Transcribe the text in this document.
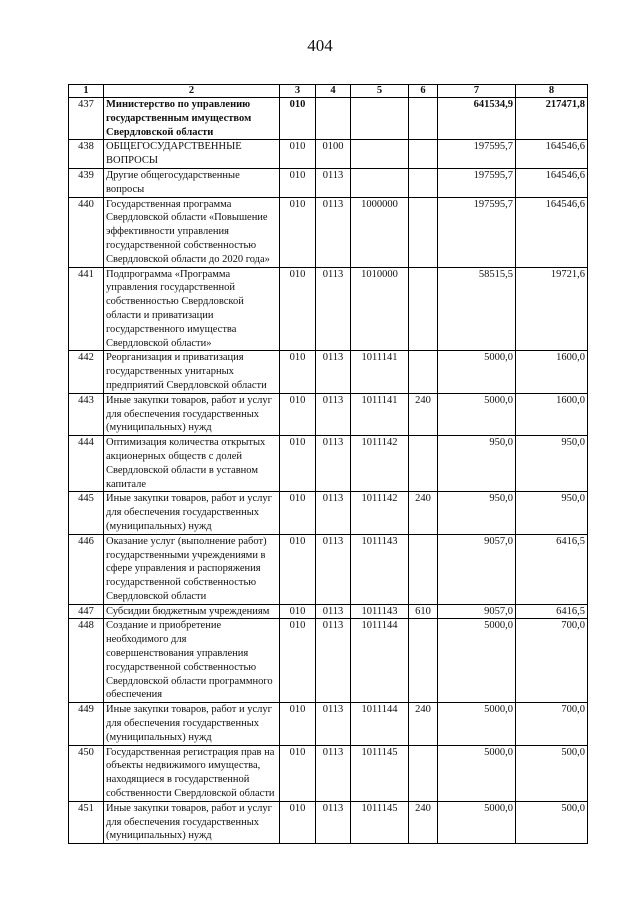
404
1	2	3	4	5	6	7	8
437	Министерство по управлению государственным имуществом Свердловской области	010				641534,9	217471,8
438	ОБЩЕГОСУДАРСТВЕННЫЕ ВОПРОСЫ	010	0100			197595,7	164546,6
439	Другие общегосударственные вопросы	010	0113			197595,7	164546,6
440	Государственная программа Свердловской области «Повышение эффективности управления государственной собственностью Свердловской области до 2020 года»	010	0113	1000000		197595,7	164546,6
441	Подпрограмма «Программа управления государственной собственностью Свердловской области и приватизации государственного имущества Свердловской области»	010	0113	1010000		58515,5	19721,6
442	Реорганизация и приватизация государственных унитарных предприятий Свердловской области	010	0113	1011141		5000,0	1600,0
443	Иные закупки товаров, работ и услуг для обеспечения государственных (муниципальных) нужд	010	0113	1011141	240	5000,0	1600,0
444	Оптимизация количества открытых акционерных обществ с долей Свердловской области в уставном капитале	010	0113	1011142		950,0	950,0
445	Иные закупки товаров, работ и услуг для обеспечения государственных (муниципальных) нужд	010	0113	1011142	240	950,0	950,0
446	Оказание услуг (выполнение работ) государственными учреждениями в сфере управления и распоряжения государственной собственностью Свердловской области	010	0113	1011143		9057,0	6416,5
447	Субсидии бюджетным учреждениям	010	0113	1011143	610	9057,0	6416,5
448	Создание и приобретение необходимого для совершенствования управления государственной собственностью Свердловской области программного обеспечения	010	0113	1011144		5000,0	700,0
449	Иные закупки товаров, работ и услуг для обеспечения государственных (муниципальных) нужд	010	0113	1011144	240	5000,0	700,0
450	Государственная регистрация прав на объекты недвижимого имущества, находящиеся в государственной собственности Свердловской области	010	0113	1011145		5000,0	500,0
451	Иные закупки товаров, работ и услуг для обеспечения государственных (муниципальных) нужд	010	0113	1011145	240	5000,0	500,0
